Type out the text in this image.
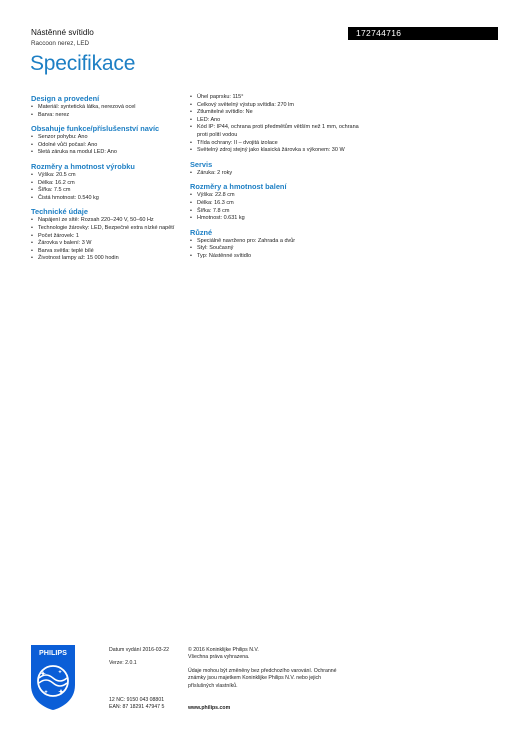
Nástěnné svítidlo
Raccoon nerez, LED
172744716
Specifikace
Design a provedení
• Materiál: syntetická látka, nerezová ocel
• Barva: nerez
Obsahuje funkce/příslušenství navíc
• Senzor pohybu: Ano
• Odolné vůči počasí: Ano
• 5letá záruka na modul LED: Ano
Rozměry a hmotnost výrobku
• Výška: 20.5 cm
• Délka: 16.2 cm
• Šířka: 7.5 cm
• Čistá hmotnost: 0.540 kg
Technické údaje
• Napájení ze sítě: Rozsah 220–240 V, 50–60 Hz
• Technologie žárovky: LED, Bezpečné extra nízké napětí
• Počet žárovek: 1
• Žárovka v balení: 3 W
• Barva světla: teplé bílé
• Životnost lampy až: 15 000 hodin
• Úhel paprsku: 115°
• Celkový světelný výstup svítidla: 270 lm
• Ztlumitelné svítidlo: Ne
• LED: Ano
• Kód IP: IP44, ochrana proti předmětům větším než 1 mm, ochrana proti polití vodou
• Třída ochrany: II – dvojitá izolace
• Světelný zdroj stejný jako klasická žárovka s výkonem: 30 W
Servis
• Záruka: 2 roky
Rozměry a hmotnost balení
• Výška: 22.8 cm
• Délka: 16.3 cm
• Šířka: 7.8 cm
• Hmotnost: 0.631 kg
Různé
• Speciálně navrženo pro: Zahrada a dvůr
• Styl: Současný
• Typ: Nástěnné svítidlo
PHILIPS	Datum vydání 2016-03-22
Verze: 2.0.1
12 NC: 9150 043 08801
EAN: 87 18291 47947 5
© 2016 Koninklijke Philips N.V.
Všechna práva vyhrazena.
Údaje mohou být změněny bez předchozího varování. Ochranné známky jsou majetkem Koninklijke Philips N.V. nebo jejich příslušných vlastníků.
www.philips.com
